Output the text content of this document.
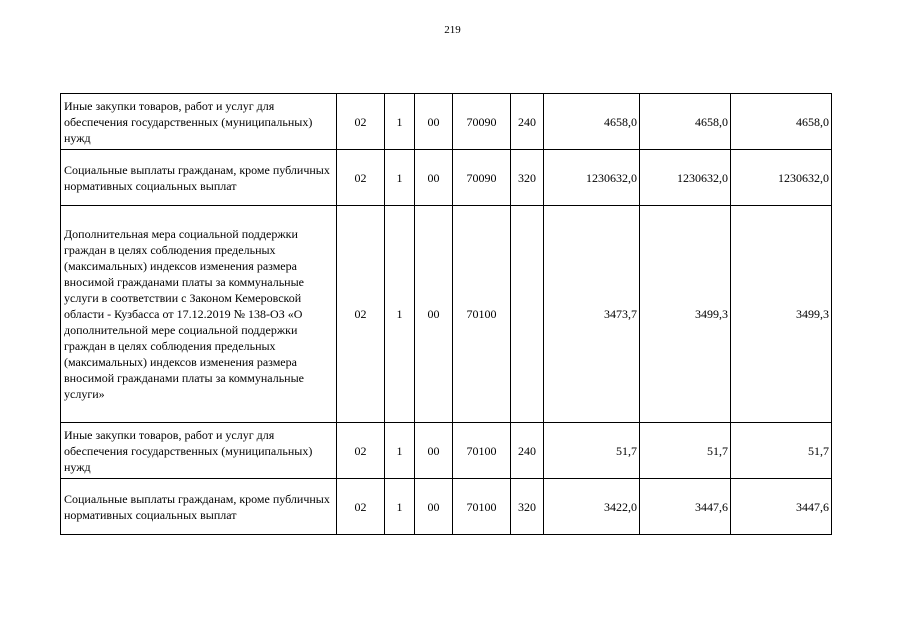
219
Иные закупки товаров, работ и услуг для обеспечения государственных (муниципальных) нужд	02	1	00	70090	240	4658,0	4658,0	4658,0
Социальные выплаты гражданам, кроме публичных нормативных социальных выплат	02	1	00	70090	320	1230632,0	1230632,0	1230632,0
Дополнительная мера социальной поддержки граждан в целях соблюдения предельных (максимальных) индексов изменения размера вносимой гражданами платы за коммунальные услуги в соответствии с Законом Кемеровской области - Кузбасса от 17.12.2019 № 138-ОЗ «О дополнительной мере социальной поддержки граждан в целях соблюдения предельных (максимальных) индексов изменения размера вносимой гражданами платы за коммунальные услуги»	02	1	00	70100		3473,7	3499,3	3499,3
Иные закупки товаров, работ и услуг для обеспечения государственных (муниципальных) нужд	02	1	00	70100	240	51,7	51,7	51,7
Социальные выплаты гражданам, кроме публичных нормативных социальных выплат	02	1	00	70100	320	3422,0	3447,6	3447,6
